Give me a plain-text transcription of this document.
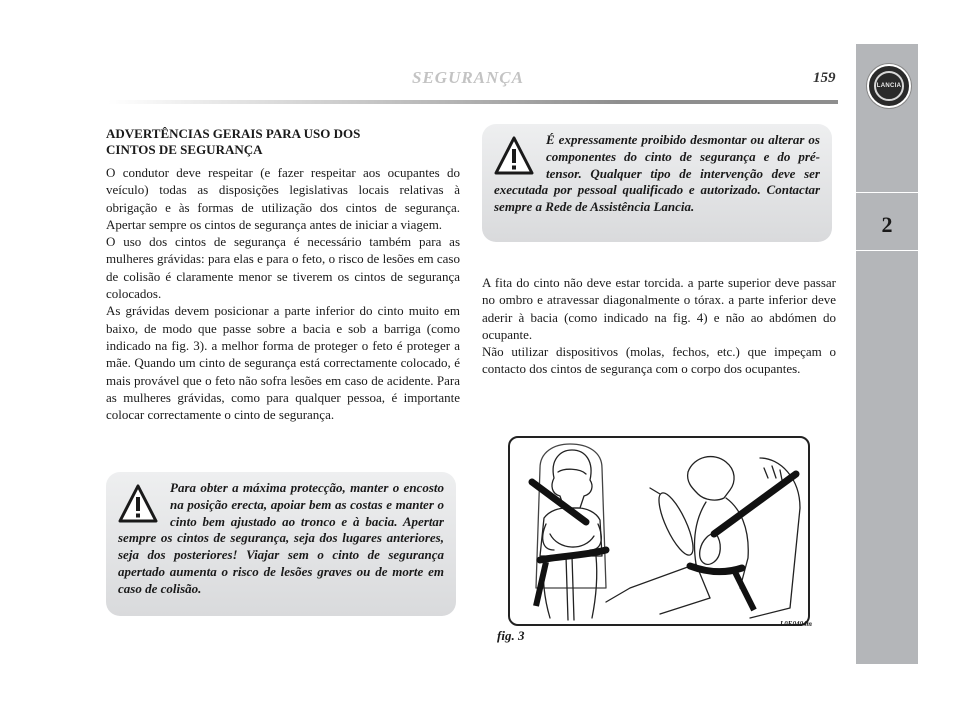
LANCIA
2
SEGURANÇA	159
ADVERTÊNCIAS GERAIS PARA USO DOS
CINTOS DE SEGURANÇA

O condutor deve respeitar (e fazer respeitar aos ocupantes do veículo) todas as disposições legislativas locais relativas à obrigação e às formas de utilização dos cintos de segurança. Apertar sempre os cintos de segurança antes de iniciar a viagem.

O uso dos cintos de segurança é necessário também para as mulheres grávidas: para elas e para o feto, o risco de lesões em caso de colisão é claramente menor se tiverem os cintos de segurança colocados.

As grávidas devem posicionar a parte inferior do cinto muito em baixo, de modo que passe sobre a bacia e sob a barriga (como indicado na fig. 3). a melhor forma de proteger o feto é proteger a mãe. Quando um cinto de segurança está correctamente colocado, é mais provável que o feto não sofra lesões em caso de acidente. Para as mulheres grávidas, como para qualquer pessoa, é importante colocar correctamente o cinto de segurança.

Para obter a máxima protecção, manter o encosto na posição erecta, apoiar bem as costas e manter o cinto bem ajustado ao tronco e à bacia. Apertar sempre os cintos de segurança, seja dos lugares anteriores, seja dos posteriores! Viajar sem o cinto de segurança apertado aumenta o risco de lesões graves ou de morte em caso de colisão.
É expressamente proibido desmontar ou alterar os componentes do cinto de segurança e do pré-tensor. Qualquer tipo de intervenção deve ser executada por pessoal qualificado e autorizado. Contactar sempre a Rede de Assistência Lancia.

A fita do cinto não deve estar torcida. a parte superior deve passar no ombro e atravessar diagonalmente o tórax. a parte inferior deve aderir à bacia (como indicado na fig. 4) e não ao abdómen do ocupante.

Não utilizar dispositivos (molas, fechos, etc.) que impeçam o contacto dos cintos de segurança com o corpo dos ocupantes.

fig. 3
L0E0404m
